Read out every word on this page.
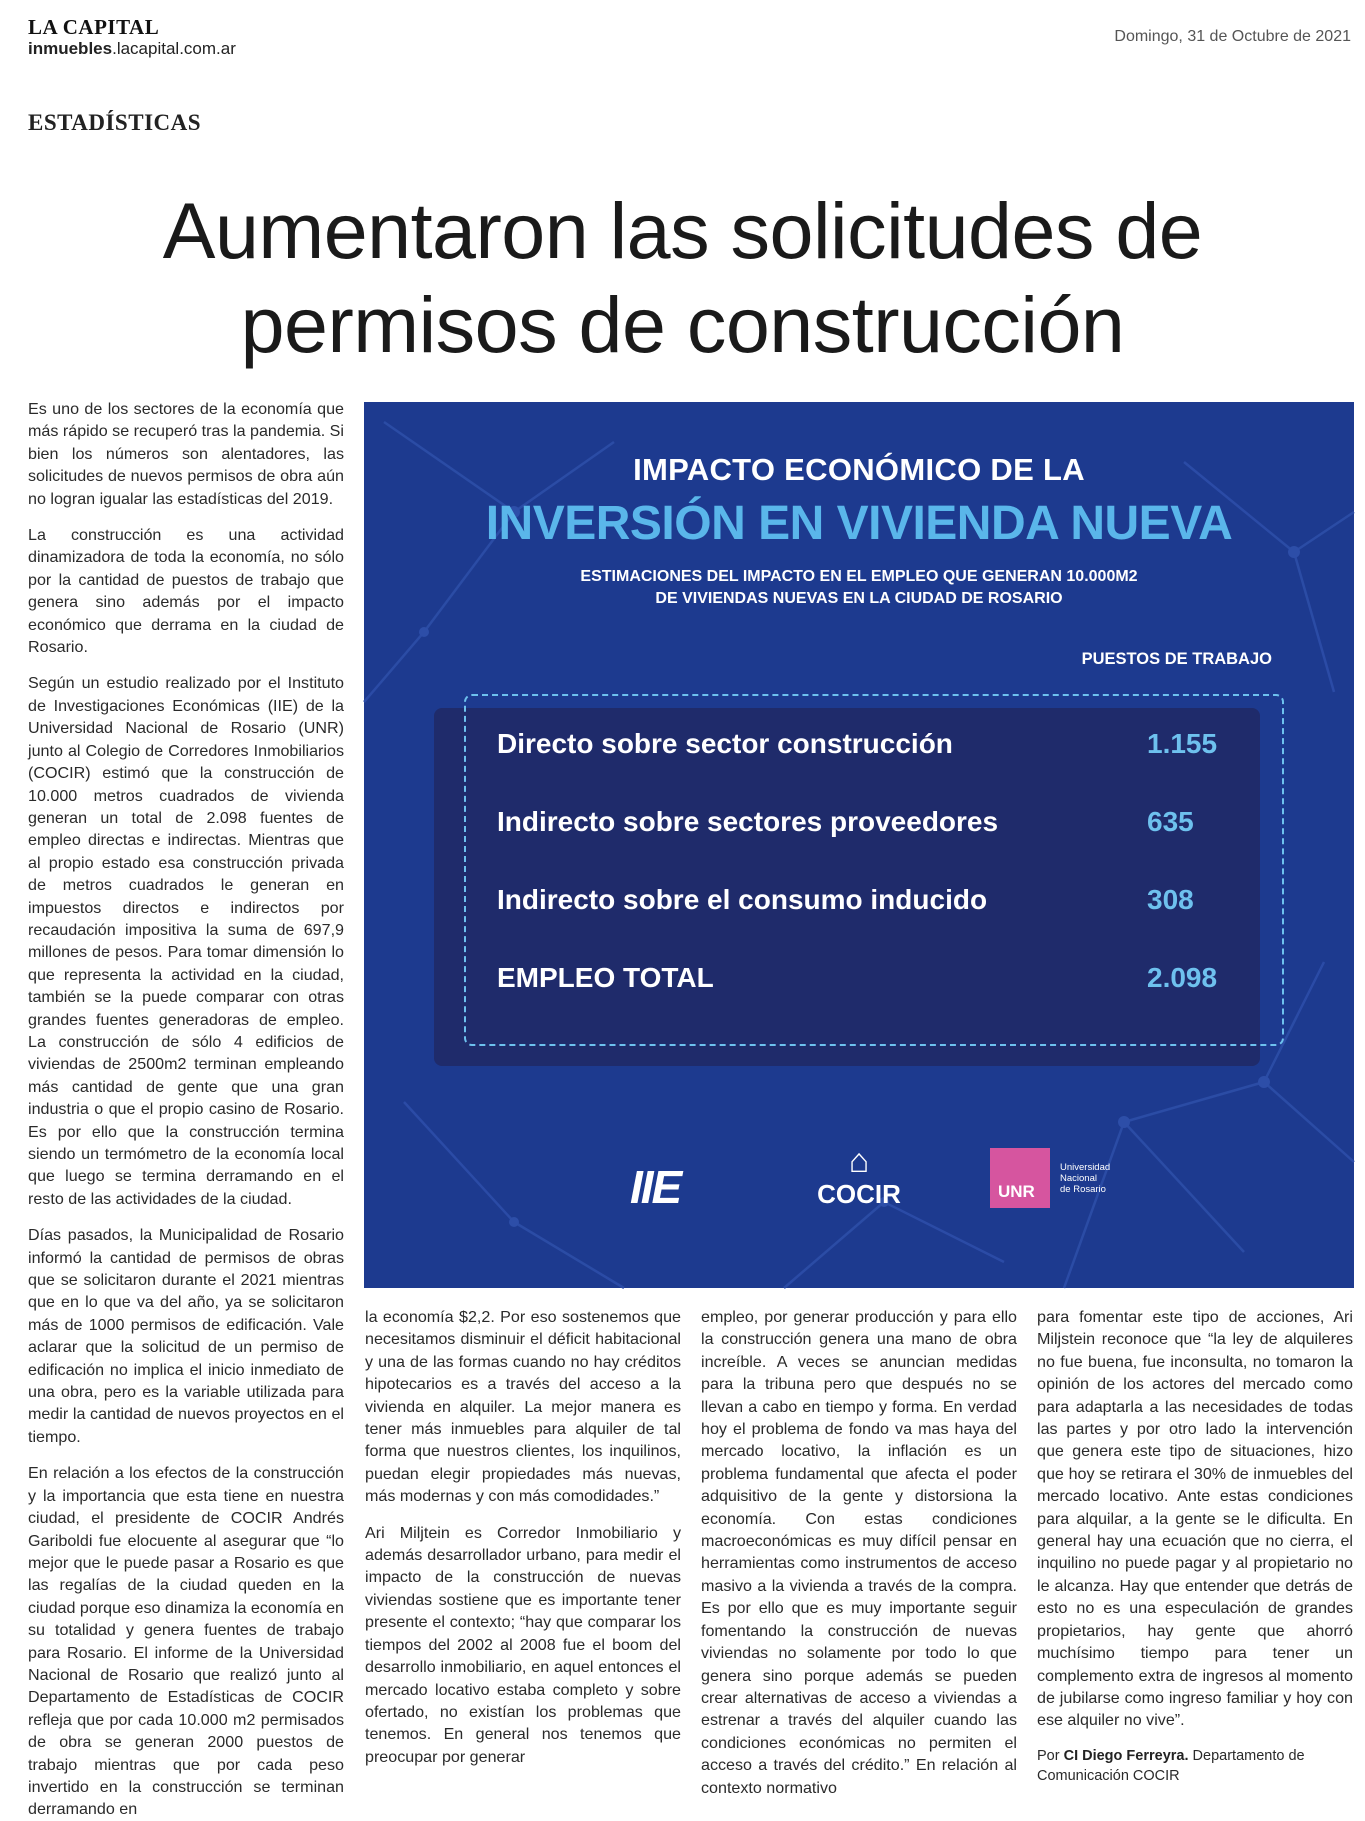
LA CAPITAL
inmuebles.lacapital.com.ar
Domingo, 31 de Octubre de 2021
ESTADÍSTICAS
Aumentaron las solicitudes de
permisos de construcción

Es uno de los sectores de la economía que más rápido se recuperó tras la pandemia. Si bien los números son alentadores, las solicitudes de nuevos permisos de obra aún no logran igualar las estadísticas del 2019.

La construcción es una actividad dinamizadora de toda la economía, no sólo por la cantidad de puestos de trabajo que genera sino además por el impacto económico que derrama en la ciudad de Rosario.

Según un estudio realizado por el Instituto de Investigaciones Económicas (IIE) de la Universidad Nacional de Rosario (UNR) junto al Colegio de Corredores Inmobiliarios (COCIR) estimó que la construcción de 10.000 metros cuadrados de vivienda generan un total de 2.098 fuentes de empleo directas e indirectas. Mientras que al propio estado esa construcción privada de metros cuadrados le generan en impuestos directos e indirectos por recaudación impositiva la suma de 697,9 millones de pesos. Para tomar dimensión lo que representa la actividad en la ciudad, también se la puede comparar con otras grandes fuentes generadoras de empleo. La construcción de sólo 4 edificios de viviendas de 2500m2 terminan empleando más cantidad de gente que una gran industria o que el propio casino de Rosario. Es por ello que la construcción termina siendo un termómetro de la economía local que luego se termina derramando en el resto de las actividades de la ciudad.

Días pasados, la Municipalidad de Rosario informó la cantidad de permisos de obras que se solicitaron durante el 2021 mientras que en lo que va del año, ya se solicitaron más de 1000 permisos de edificación. Vale aclarar que la solicitud de un permiso de edificación no implica el inicio inmediato de una obra, pero es la variable utilizada para medir la cantidad de nuevos proyectos en el tiempo.

En relación a los efectos de la construcción y la importancia que esta tiene en nuestra ciudad, el presidente de COCIR Andrés Gariboldi fue elocuente al asegurar que “lo mejor que le puede pasar a Rosario es que las regalías de la ciudad queden en la ciudad porque eso dinamiza la economía en su totalidad y genera fuentes de trabajo para Rosario. El informe de la Universidad Nacional de Rosario que realizó junto al Departamento de Estadísticas de COCIR refleja que por cada 10.000 m2 permisados de obra se generan 2000 puestos de trabajo mientras que por cada peso invertido en la construcción se terminan derramando en

IMPACTO ECONÓMICO DE LA
INVERSIÓN EN VIVIENDA NUEVA
ESTIMACIONES DEL IMPACTO EN EL EMPLEO QUE GENERAN 10.000M2
DE VIVIENDAS NUEVAS EN LA CIUDAD DE ROSARIO
PUESTOS DE TRABAJO
Directo sobre sector construcción	1.155
Indirecto sobre sectores proveedores	635
Indirecto sobre el consumo inducido	308
EMPLEO TOTAL	2.098
IIE	⌂
COCIR	UNR
Universidad
Nacional
de Rosario

la economía $2,2. Por eso sostenemos que necesitamos disminuir el déficit habitacional y una de las formas cuando no hay créditos hipotecarios es a través del acceso a la vivienda en alquiler. La mejor manera es tener más inmuebles para alquiler de tal forma que nuestros clientes, los inquilinos, puedan elegir propiedades más nuevas, más modernas y con más comodidades.”

Ari Miljtein es Corredor Inmobiliario y además desarrollador urbano, para medir el impacto de la construcción de nuevas viviendas sostiene que es importante tener presente el contexto; “hay que comparar los tiempos del 2002 al 2008 fue el boom del desarrollo inmobiliario, en aquel entonces el mercado locativo estaba completo y sobre ofertado, no existían los problemas que tenemos. En general nos tenemos que preocupar por generar

empleo, por generar producción y para ello la construcción genera una mano de obra increíble. A veces se anuncian medidas para la tribuna pero que después no se llevan a cabo en tiempo y forma. En verdad hoy el problema de fondo va mas haya del mercado locativo, la inflación es un problema fundamental que afecta el poder adquisitivo de la gente y distorsiona la economía. Con estas condiciones macroeconómicas es muy difícil pensar en herramientas como instrumentos de acceso masivo a la vivienda a través de la compra. Es por ello que es muy importante seguir fomentando la construcción de nuevas viviendas no solamente por todo lo que genera sino porque además se pueden crear alternativas de acceso a viviendas a estrenar a través del alquiler cuando las condiciones económicas no permiten el acceso a través del crédito.” En relación al contexto normativo

para fomentar este tipo de acciones, Ari Miljstein reconoce que “la ley de alquileres no fue buena, fue inconsulta, no tomaron la opinión de los actores del mercado como para adaptarla a las necesidades de todas las partes y por otro lado la intervención que genera este tipo de situaciones, hizo que hoy se retirara el 30% de inmuebles del mercado locativo. Ante estas condiciones para alquilar, a la gente se le dificulta. En general hay una ecuación que no cierra, el inquilino no puede pagar y al propietario no le alcanza. Hay que entender que detrás de esto no es una especulación de grandes propietarios, hay gente que ahorró muchísimo tiempo para tener un complemento extra de ingresos al momento de jubilarse como ingreso familiar y hoy con ese alquiler no vive”.

Por CI Diego Ferreyra. Departamento de Comunicación COCIR
